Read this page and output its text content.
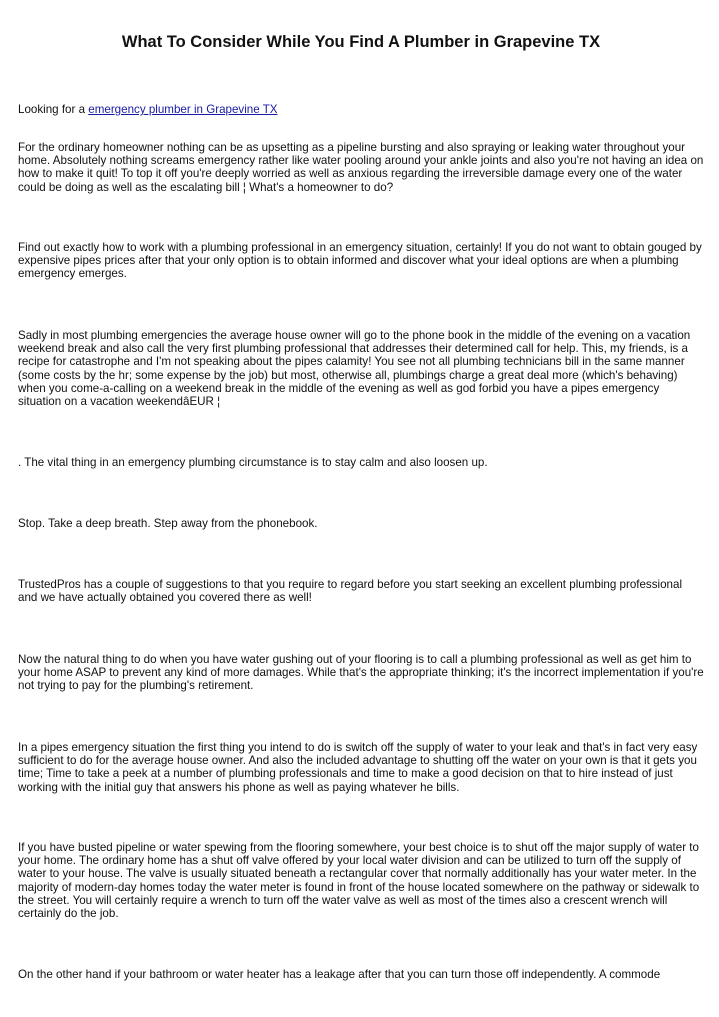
What To Consider While You Find A Plumber in Grapevine TX

Looking for a emergency plumber in Grapevine TX

For the ordinary homeowner nothing can be as upsetting as a pipeline bursting and also spraying or leaking water throughout your home. Absolutely nothing screams emergency rather like water pooling around your ankle joints and also you're not having an idea on how to make it quit! To top it off you're deeply worried as well as anxious regarding the irreversible damage every one of the water could be doing as well as the escalating bill ¦ What's a homeowner to do?

Find out exactly how to work with a plumbing professional in an emergency situation, certainly! If you do not want to obtain gouged by expensive pipes prices after that your only option is to obtain informed and discover what your ideal options are when a plumbing emergency emerges.

Sadly in most plumbing emergencies the average house owner will go to the phone book in the middle of the evening on a vacation weekend break and also call the very first plumbing professional that addresses their determined call for help. This, my friends, is a recipe for catastrophe and I'm not speaking about the pipes calamity! You see not all plumbing technicians bill in the same manner (some costs by the hr; some expense by the job) but most, otherwise all, plumbings charge a great deal more (which's behaving) when you come-a-calling on a weekend break in the middle of the evening as well as god forbid you have a pipes emergency situation on a vacation weekendâEUR ¦

. The vital thing in an emergency plumbing circumstance is to stay calm and also loosen up.

Stop. Take a deep breath. Step away from the phonebook.

TrustedPros has a couple of suggestions to that you require to regard before you start seeking an excellent plumbing professional and we have actually obtained you covered there as well!

Now the natural thing to do when you have water gushing out of your flooring is to call a plumbing professional as well as get him to your home ASAP to prevent any kind of more damages. While that's the appropriate thinking; it's the incorrect implementation if you're not trying to pay for the plumbing's retirement.

In a pipes emergency situation the first thing you intend to do is switch off the supply of water to your leak and that's in fact very easy sufficient to do for the average house owner. And also the included advantage to shutting off the water on your own is that it gets you time; Time to take a peek at a number of plumbing professionals and time to make a good decision on that to hire instead of just working with the initial guy that answers his phone as well as paying whatever he bills.

If you have busted pipeline or water spewing from the flooring somewhere, your best choice is to shut off the major supply of water to your home. The ordinary home has a shut off valve offered by your local water division and can be utilized to turn off the supply of water to your house. The valve is usually situated beneath a rectangular cover that normally additionally has your water meter. In the majority of modern-day homes today the water meter is found in front of the house located somewhere on the pathway or sidewalk to the street. You will certainly require a wrench to turn off the water valve as well as most of the times also a crescent wrench will certainly do the job.

On the other hand if your bathroom or water heater has a leakage after that you can turn those off independently. A commode
